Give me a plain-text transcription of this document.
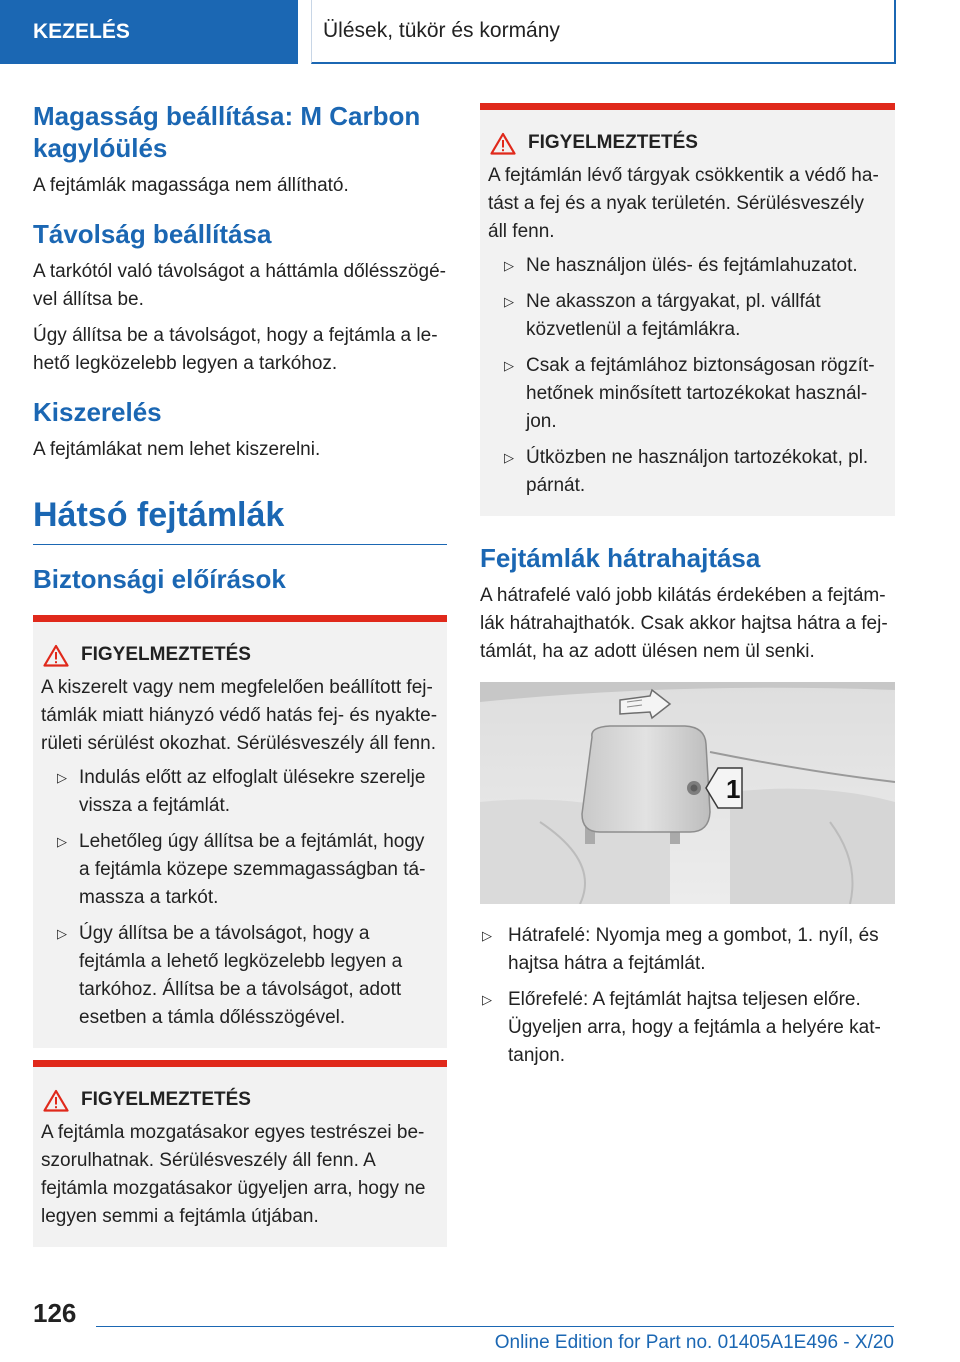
KEZELÉS	Ülések, tükör és kormány
Magasság beállítása: M Carbon kagylóülés

A fejtámlák magassága nem állítható.

Távolság beállítása

A tarkótól való távolságot a háttámla dőlésszögével állítsa be.

Úgy állítsa be a távolságot, hogy a fejtámla a lehető legközelebb legyen a tarkóhoz.

Kiszerelés

A fejtámlákat nem lehet kiszerelni.

Hátsó fejtámlák
Biztonsági előírások
FIGYELMEZTETÉS

A kiszerelt vagy nem megfelelően beállított fejtámlák miatt hiányzó védő hatás fej- és nyakterületi sérülést okozhat. Sérülésveszély áll fenn.

▷ Indulás előtt az elfoglalt ülésekre szerelje vissza a fejtámlát.
▷ Lehetőleg úgy állítsa be a fejtámlát, hogy a fejtámla közepe szemmagasságban támassza a tarkót.
▷ Úgy állítsa be a távolságot, hogy a fejtámla a lehető legközelebb legyen a tarkóhoz. Állítsa be a távolságot, adott esetben a támla dőlésszögével.
FIGYELMEZTETÉS

A fejtámla mozgatásakor egyes testrészei beszorulhatnak. Sérülésveszély áll fenn. A fejtámla mozgatásakor ügyeljen arra, hogy ne legyen semmi a fejtámla útjában.

FIGYELMEZTETÉS

A fejtámlán lévő tárgyak csökkentik a védő hatást a fej és a nyak területén. Sérülésveszély áll fenn.

▷ Ne használjon ülés- és fejtámlahuzatot.
▷ Ne akasszon a tárgyakat, pl. vállfát közvetlenül a fejtámlákra.
▷ Csak a fejtámlához biztonságosan rögzíthetőnek minősített tartozékokat használjon.
▷ Útközben ne használjon tartozékokat, pl. párnát.
Fejtámlák hátrahajtása

A hátrafelé való jobb kilátás érdekében a fejtámlák hátrahajthatók. Csak akkor hajtsa hátra a fejtámlát, ha az adott ülésen nem ül senki.

1
▷ Hátrafelé: Nyomja meg a gombot, 1. nyíl, és hajtsa hátra a fejtámlát.
▷ Előrefelé: A fejtámlát hajtsa teljesen előre. Ügyeljen arra, hogy a fejtámla a helyére kattanjon.
126
Online Edition for Part no. 01405A1E496 - X/20
